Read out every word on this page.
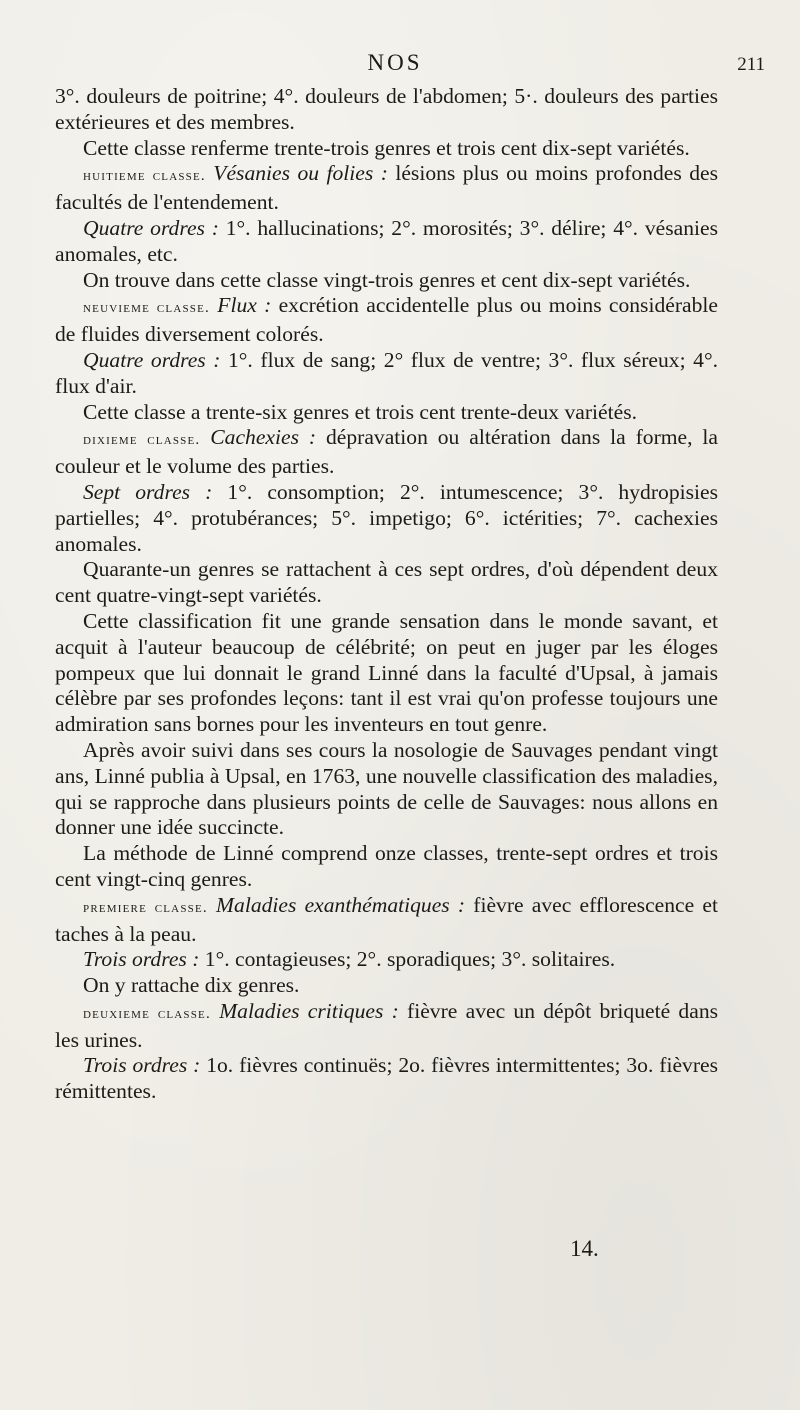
NOS	211

3°. douleurs de poitrine; 4°. douleurs de l'abdomen; 5·. douleurs des parties extérieures et des membres.

Cette classe renferme trente-trois genres et trois cent dix-sept variétés.

huitieme classe. Vésanies ou folies : lésions plus ou moins profondes des facultés de l'entendement.

Quatre ordres : 1°. hallucinations; 2°. morosités; 3°. délire; 4°. vésanies anomales, etc.

On trouve dans cette classe vingt-trois genres et cent dix-sept variétés.

neuvieme classe. Flux : excrétion accidentelle plus ou moins considérable de fluides diversement colorés.

Quatre ordres : 1°. flux de sang; 2° flux de ventre; 3°. flux séreux; 4°. flux d'air.

Cette classe a trente-six genres et trois cent trente-deux variétés.

dixieme classe. Cachexies : dépravation ou altération dans la forme, la couleur et le volume des parties.

Sept ordres : 1°. consomption; 2°. intumescence; 3°. hydropisies partielles; 4°. protubérances; 5°. impetigo; 6°. ictérities; 7°. cachexies anomales.

Quarante-un genres se rattachent à ces sept ordres, d'où dépendent deux cent quatre-vingt-sept variétés.

Cette classification fit une grande sensation dans le monde savant, et acquit à l'auteur beaucoup de célébrité; on peut en juger par les éloges pompeux que lui donnait le grand Linné dans la faculté d'Upsal, à jamais célèbre par ses profondes leçons: tant il est vrai qu'on professe toujours une admiration sans bornes pour les inventeurs en tout genre.

Après avoir suivi dans ses cours la nosologie de Sauvages pendant vingt ans, Linné publia à Upsal, en 1763, une nouvelle classification des maladies, qui se rapproche dans plusieurs points de celle de Sauvages: nous allons en donner une idée succincte.

La méthode de Linné comprend onze classes, trente-sept ordres et trois cent vingt-cinq genres.

premiere classe. Maladies exanthématiques : fièvre avec efflorescence et taches à la peau.

Trois ordres : 1°. contagieuses; 2°. sporadiques; 3°. solitaires.

On y rattache dix genres.

deuxieme classe. Maladies critiques : fièvre avec un dépôt briqueté dans les urines.

Trois ordres : 1o. fièvres continuës; 2o. fièvres intermittentes; 3o. fièvres rémittentes.

14.
